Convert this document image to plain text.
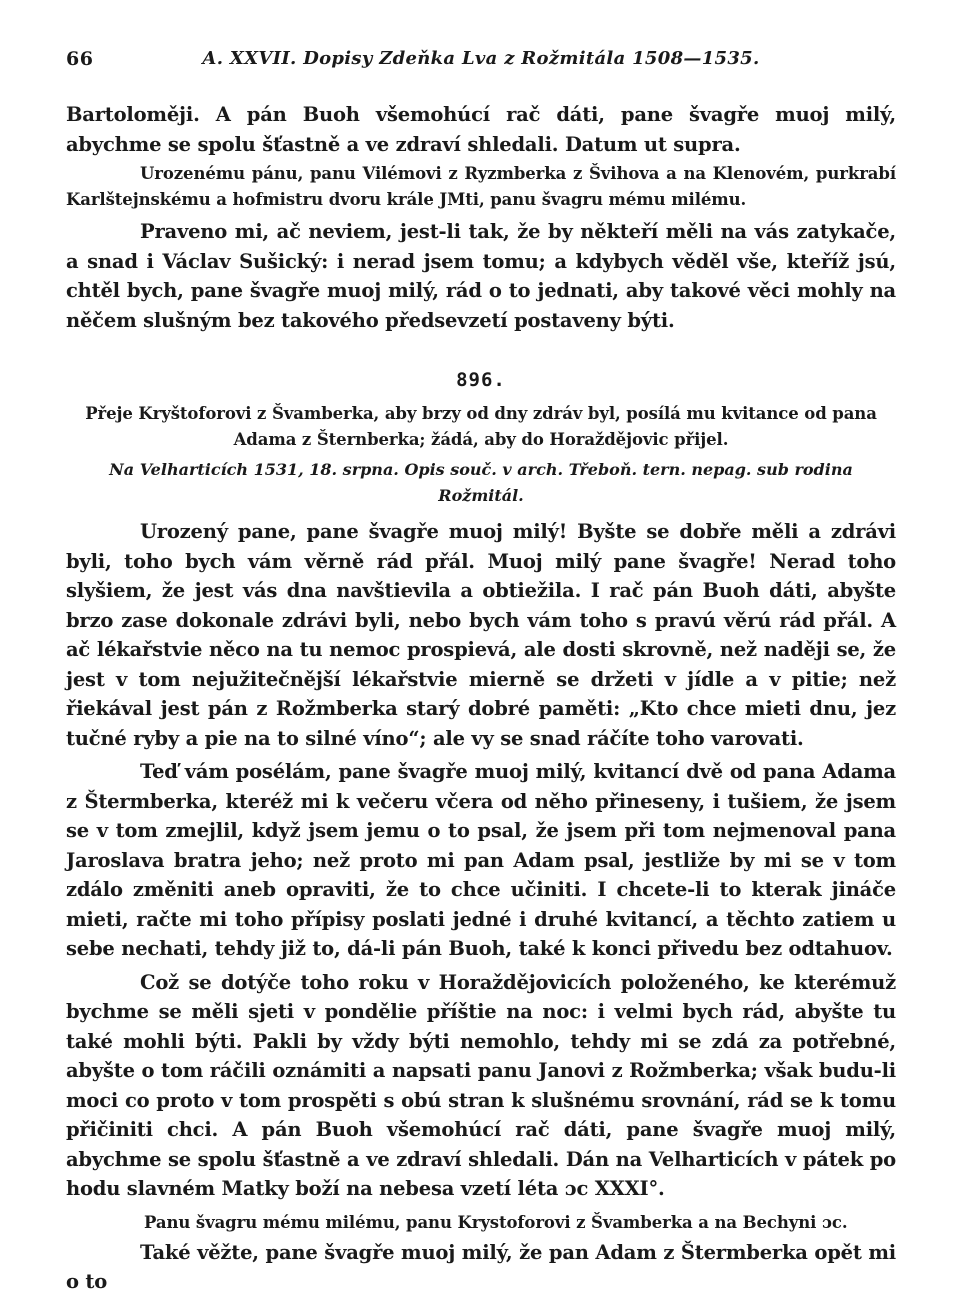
66	A. XXVII. Dopisy Zdeňka Lva z Rožmitála 1508—1535.

Bartoloměji. A pán Buoh všemohúcí rač dáti, pane švagře muoj milý, abychme se spolu šťastně a ve zdraví shledali. Datum ut supra.

Urozenému pánu, panu Vilémovi z Ryzmberka z Švihova a na Klenovém, purkrabí Karlštejnskému a hofmistru dvoru krále JMti, panu švagru mému milému.

Praveno mi, ač neviem, jest-li tak, že by někteří měli na vás zatykače, a snad i Václav Sušický: i nerad jsem tomu; a kdybych věděl vše, kteříž jsú, chtěl bych, pane švagře muoj milý, rád o to jednati, aby takové věci mohly na něčem slušným bez takového předsevzetí postaveny býti.

896.

Přeje Kryštoforovi z Švamberka, aby brzy od dny zdráv byl, posílá mu kvitance od pana Adama z Šternberka; žádá, aby do Horaždějovic přijel.

Na Velharticích 1531, 18. srpna. Opis souč. v arch. Třeboň. tern. nepag. sub rodina Rožmitál.

Urozený pane, pane švagře muoj milý! Byšte se dobře měli a zdrávi byli, toho bych vám věrně rád přál. Muoj milý pane švagře! Nerad toho slyšiem, že jest vás dna navštievila a obtiežila. I rač pán Buoh dáti, abyšte brzo zase dokonale zdrávi byli, nebo bych vám toho s pravú věrú rád přál. A ač lékařstvie něco na tu nemoc prospievá, ale dosti skrovně, než naději se, že jest v tom nejužitečnější lékařstvie mierně se držeti v jídle a v pitie; než řiekával jest pán z Rožmberka starý dobré paměti: „Kto chce mieti dnu, jez tučné ryby a pie na to silné víno“; ale vy se snad ráčíte toho varovati.

Teď vám posélám, pane švagře muoj milý, kvitancí dvě od pana Adama z Štermberka, kteréž mi k večeru včera od něho přineseny, i tušiem, že jsem se v tom zmejlil, když jsem jemu o to psal, že jsem při tom nejmenoval pana Jaroslava bratra jeho; než proto mi pan Adam psal, jestliže by mi se v tom zdálo změniti aneb opraviti, že to chce učiniti. I chcete-li to kterak jináče mieti, račte mi toho přípisy poslati jedné i druhé kvitancí, a těchto zatiem u sebe nechati, tehdy již to, dá-li pán Buoh, také k konci přivedu bez odtahuov.

Což se dotýče toho roku v Horaždějovicích položeného, ke kterémuž bychme se měli sjeti v pondělie příštie na noc: i velmi bych rád, abyšte tu také mohli býti. Pakli by vždy býti nemohlo, tehdy mi se zdá za potřebné, abyšte o tom ráčili oznámiti a napsati panu Janovi z Rožmberka; však budu-li moci co proto v tom prospěti s obú stran k slušnému srovnání, rád se k tomu přičiniti chci. A pán Buoh všemohúcí rač dáti, pane švagře muoj milý, abychme se spolu šťastně a ve zdraví shledali. Dán na Velharticích v pátek po hodu slavném Matky boží na nebesa vzetí léta ɔc XXXI°.

Panu švagru mému milému, panu Krystoforovi z Švamberka a na Bechyni ɔc.

Také věžte, pane švagře muoj milý, že pan Adam z Štermberka opět mi o to
